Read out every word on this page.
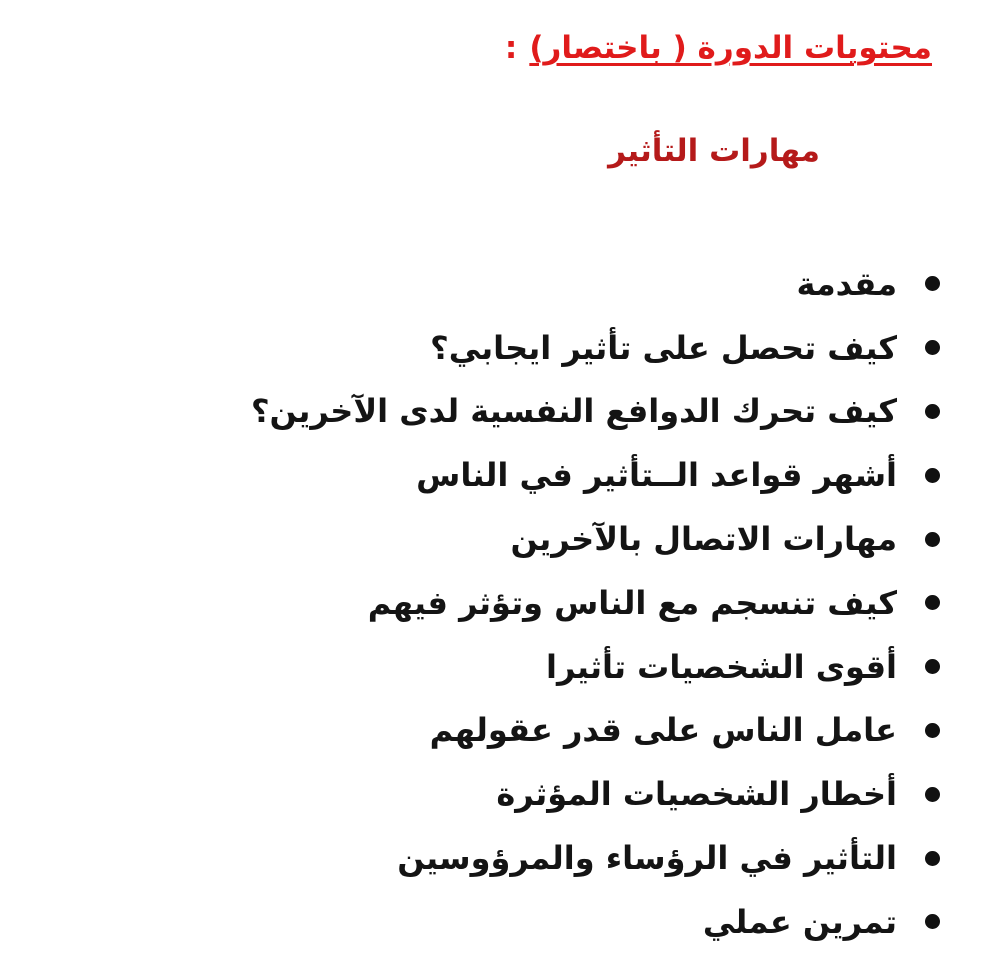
محتويات الدورة ( باختصار):
مهارات التأثير
مقدمة
كيف تحصل على تأثير ايجابي؟
كيف تحرك الدوافع النفسية لدى الآخرين؟
أشهر قواعد الــتأثير في الناس
مهارات الاتصال بالآخرين
كيف تنسجم مع الناس وتؤثر فيهم
أقوى الشخصيات تأثيرا
عامل الناس على قدر عقولهم
أخطار الشخصيات المؤثرة
التأثير في الرؤساء والمرؤوسين
تمرين عملي
